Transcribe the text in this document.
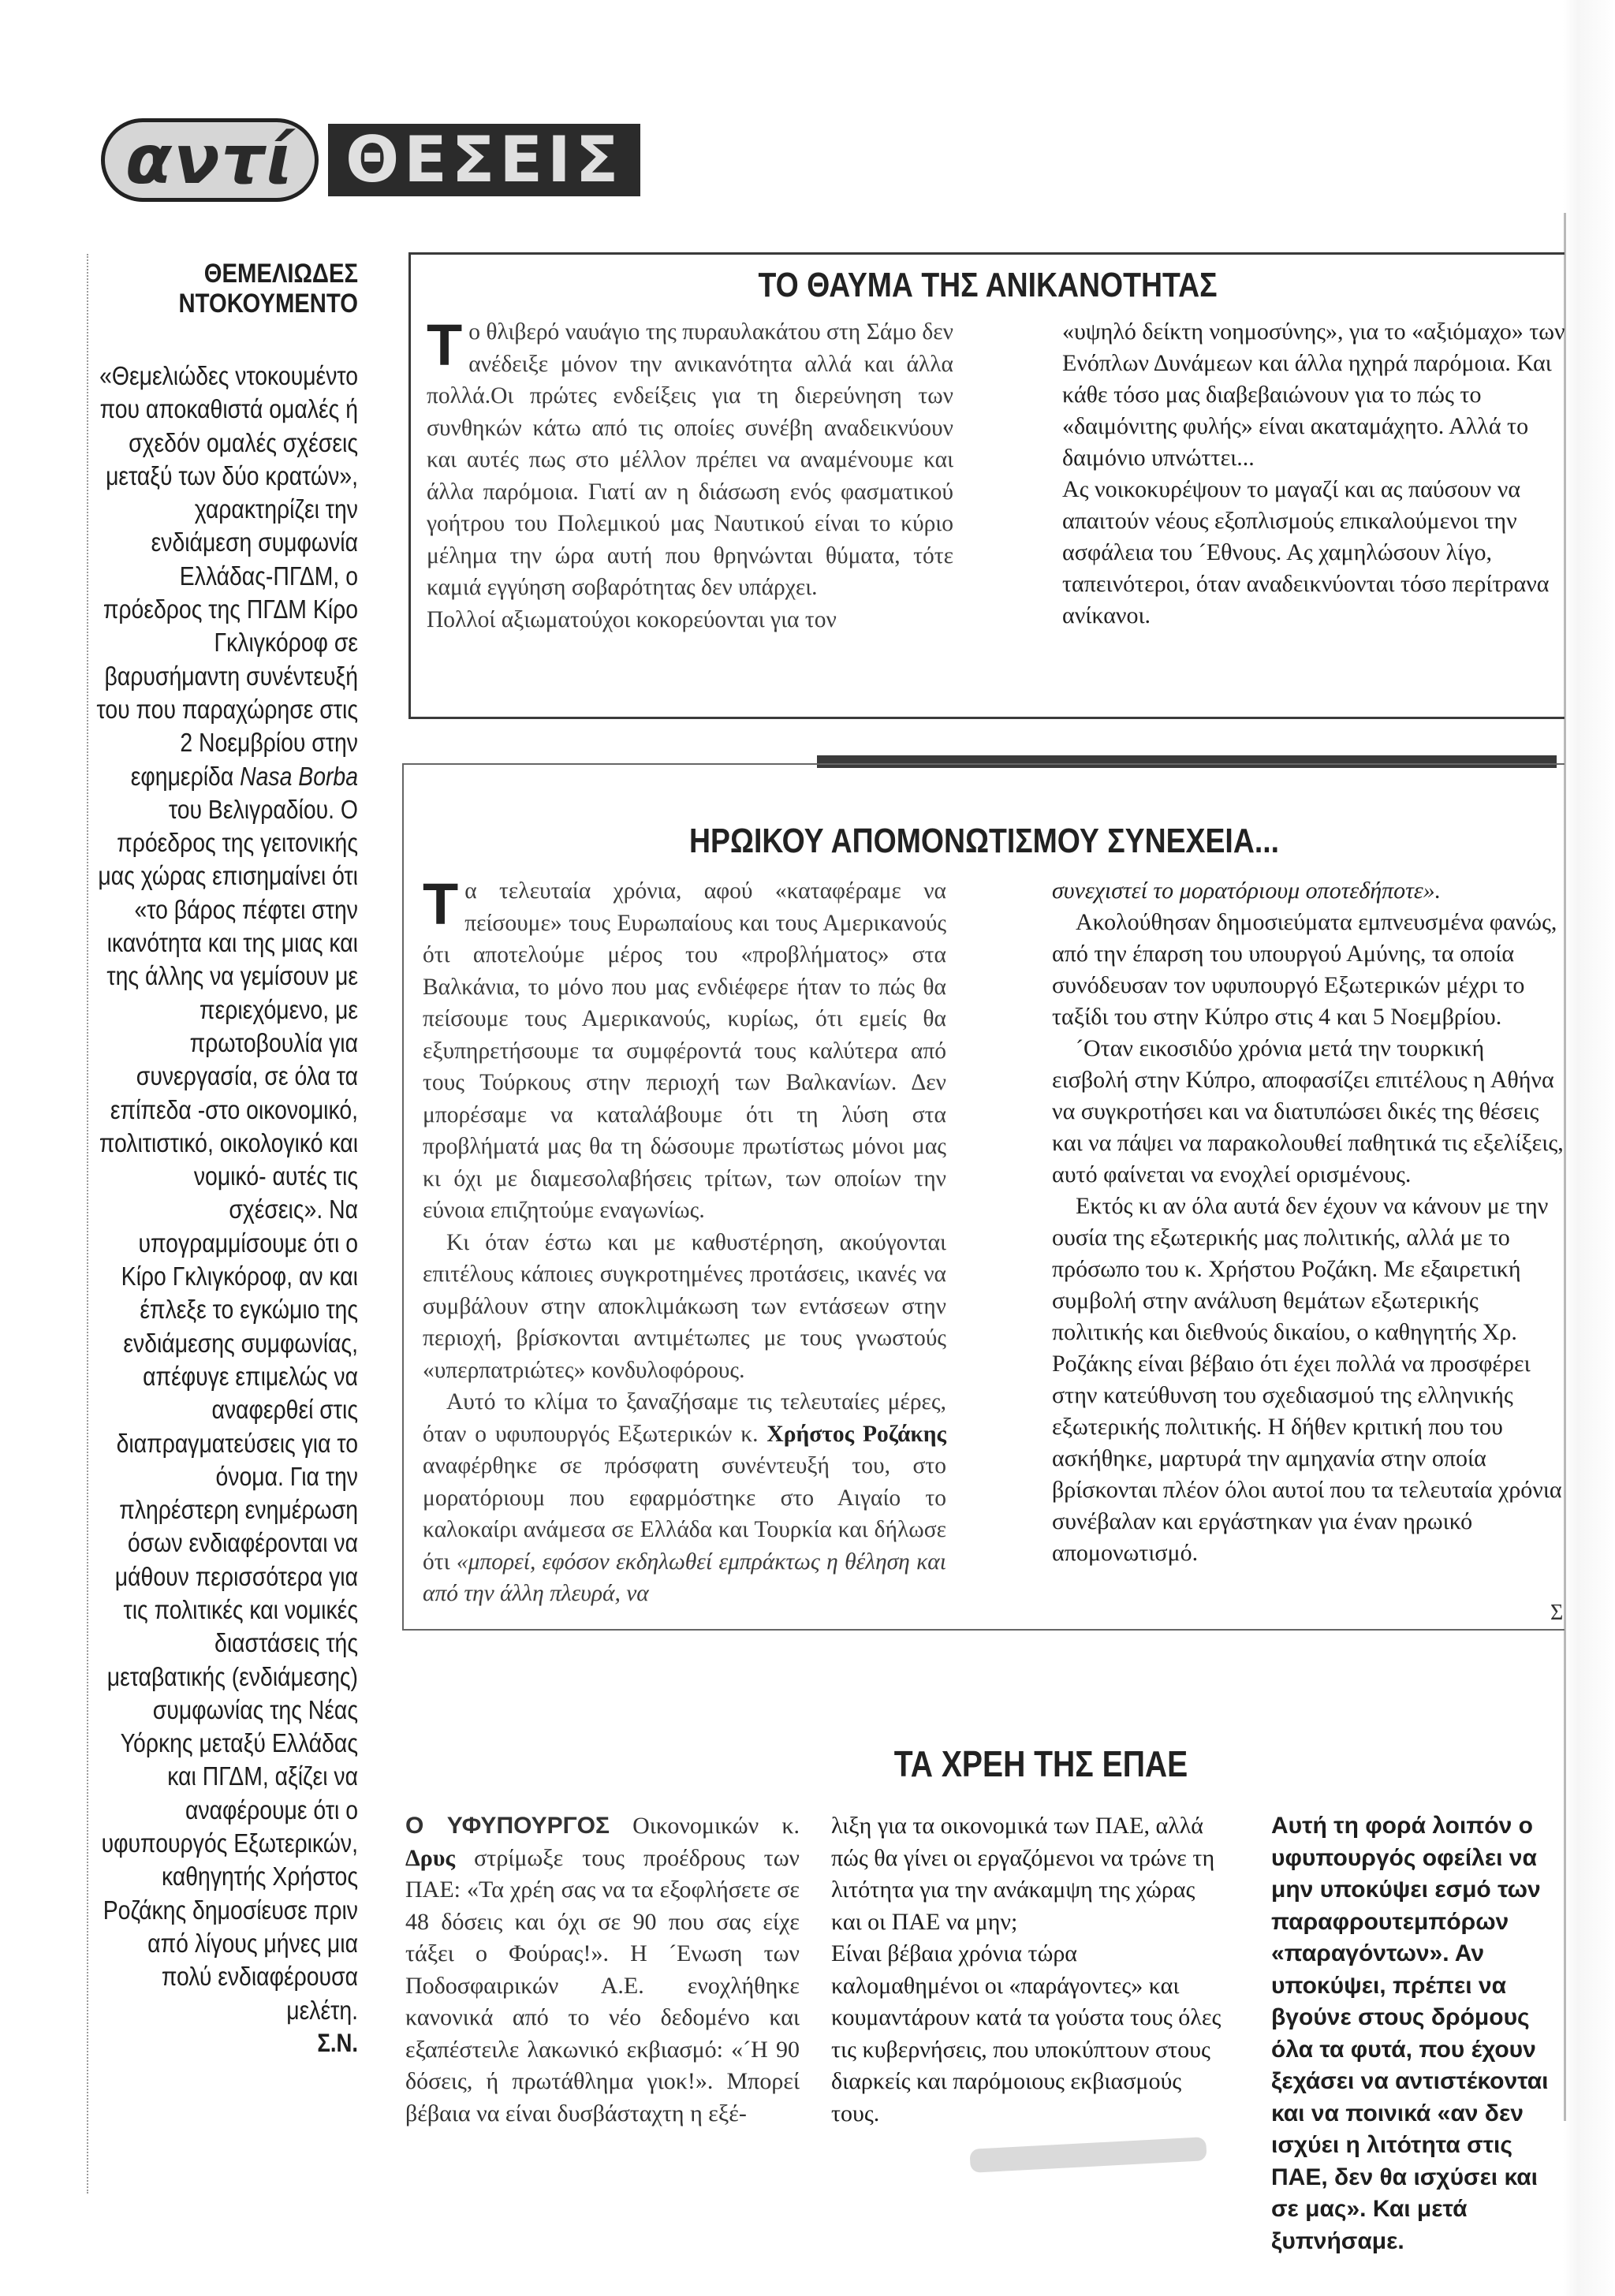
αντί ΘΕΣΕΙΣ
ΘΕΜΕΛΙΩΔΕΣ
ΝΤΟΚΟΥΜΕΝΤΟ
«Θεμελιώδες ντοκουμέντο που αποκαθιστά ομαλές ή σχεδόν ομαλές σχέσεις μεταξύ των δύο κρατών», χαρακτηρίζει την ενδιάμεση συμφωνία Ελλάδας-ΠΓΔΜ, ο πρόεδρος της ΠΓΔΜ Κίρο Γκλιγκόροφ σε βαρυσήμαντη συνέντευξή του που παραχώρησε στις 2 Νοεμβρίου στην εφημερίδα Nasa Borba του Βελιγραδίου. Ο πρόεδρος της γειτονικής μας χώρας επισημαίνει ότι «το βάρος πέφτει στην ικανότητα και της μιας και της άλλης να γεμίσουν με περιεχόμενο, με πρωτοβουλία για συνεργασία, σε όλα τα επίπεδα -στο οικονομικό, πολιτιστικό, οικολογικό και νομικό- αυτές τις σχέσεις». Να υπογραμμίσουμε ότι ο Κίρο Γκλιγκόροφ, αν και έπλεξε το εγκώμιο της ενδιάμεσης συμφωνίας, απέφυγε επιμελώς να αναφερθεί στις διαπραγματεύσεις για το όνομα. Για την πληρέστερη ενημέρωση όσων ενδιαφέρονται να μάθουν περισσότερα για τις πολιτικές και νομικές διαστάσεις τής μεταβατικής (ενδιάμεσης) συμφωνίας της Νέας Υόρκης μεταξύ Ελλάδας και ΠΓΔΜ, αξίζει να αναφέρουμε ότι ο υφυπουργός Εξωτερικών, καθηγητής Χρήστος Ροζάκης δημοσίευσε πριν από λίγους μήνες μια πολύ ενδιαφέρουσα μελέτη.
Σ.Ν.
ΤΟ ΘΑΥΜΑ ΤΗΣ ΑΝΙΚΑΝΟΤΗΤΑΣ

Το θλιβερό ναυάγιο της πυραυλακάτου στη Σάμο δεν ανέδειξε μόνον την ανικανότητα αλλά και άλλα πολλά.Οι πρώτες ενδείξεις για τη διερεύνηση των συνθηκών κάτω από τις οποίες συνέβη αναδεικνύουν και αυτές πως στο μέλλον πρέπει να αναμένουμε και άλλα παρόμοια. Γιατί αν η διάσωση ενός φασματικού γοήτρου του Πολεμικού μας Ναυτικού είναι το κύριο μέλημα την ώρα αυτή που θρηνώνται θύματα, τότε καμιά εγγύηση σοβαρότητας δεν υπάρχει.

Πολλοί αξιωματούχοι κοκορεύονται για τον

«υψηλό δείκτη νοημοσύνης», για το «αξιόμαχο» των Ενόπλων Δυνάμεων και άλλα ηχηρά παρόμοια. Και κάθε τόσο μας διαβεβαιώνουν για το πώς το «δαιμόνιτης φυλής» είναι ακαταμάχητο. Αλλά το δαιμόνιο υπνώττει...

Ας νοικοκυρέψουν το μαγαζί και ας παύσουν να απαιτούν νέους εξοπλισμούς επικαλούμενοι την ασφάλεια του ´Εθνους. Ας χαμηλώσουν λίγο, ταπεινότεροι, όταν αναδεικνύονται τόσο περίτρανα ανίκανοι.

ΗΡΩΙΚΟΥ ΑΠΟΜΟΝΩΤΙΣΜΟΥ ΣΥΝΕΧΕΙΑ...

Τα τελευταία χρόνια, αφού «καταφέραμε να πείσουμε» τους Ευρωπαίους και τους Αμερικανούς ότι αποτελούμε μέρος του «προβλήματος» στα Βαλκάνια, το μόνο που μας ενδιέφερε ήταν το πώς θα πείσουμε τους Αμερικανούς, κυρίως, ότι εμείς θα εξυπηρετήσουμε τα συμφέροντά τους καλύτερα από τους Τούρκους στην περιοχή των Βαλκανίων. Δεν μπορέσαμε να καταλάβουμε ότι τη λύση στα προβλήματά μας θα τη δώσουμε πρωτίστως μόνοι μας κι όχι με διαμεσολαβήσεις τρίτων, των οποίων την εύνοια επιζητούμε εναγωνίως.

Κι όταν έστω και με καθυστέρηση, ακούγονται επιτέλους κάποιες συγκροτημένες προτάσεις, ικανές να συμβάλουν στην αποκλιμάκωση των εντάσεων στην περιοχή, βρίσκονται αντιμέτωπες με τους γνωστούς «υπερπατριώτες» κονδυλοφόρους.

Αυτό το κλίμα το ξαναζήσαμε τις τελευταίες μέρες, όταν ο υφυπουργός Εξωτερικών κ. Χρήστος Ροζάκης αναφέρθηκε σε πρόσφατη συνέντευξή του, στο μορατόριουμ που εφαρμόστηκε στο Αιγαίο το καλοκαίρι ανάμεσα σε Ελλάδα και Τουρκία και δήλωσε ότι «μπορεί, εφόσον εκδηλωθεί εμπράκτως η θέληση και από την άλλη πλευρά, να

συνεχιστεί το μορατόριουμ οποτεδήποτε».

Ακολούθησαν δημοσιεύματα εμπνευσμένα φανώς, από την έπαρση του υπουργού Αμύνης, τα οποία συνόδευσαν τον υφυπουργό Εξωτερικών μέχρι το ταξίδι του στην Κύπρο στις 4 και 5 Νοεμβρίου.

´Οταν εικοσιδύο χρόνια μετά την τουρκική εισβολή στην Κύπρο, αποφασίζει επιτέλους η Αθήνα να συγκροτήσει και να διατυπώσει δικές της θέσεις και να πάψει να παρακολουθεί παθητικά τις εξελίξεις, αυτό φαίνεται να ενοχλεί ορισμένους.

Εκτός κι αν όλα αυτά δεν έχουν να κάνουν με την ουσία της εξωτερικής μας πολιτικής, αλλά με το πρόσωπο του κ. Χρήστου Ροζάκη. Με εξαιρετική συμβολή στην ανάλυση θεμάτων εξωτερικής πολιτικής και διεθνούς δικαίου, ο καθηγητής Χρ. Ροζάκης είναι βέβαιο ότι έχει πολλά να προσφέρει στην κατεύθυνση του σχεδιασμού της ελληνικής εξωτερικής πολιτικής. Η δήθεν κριτική που του ασκήθηκε, μαρτυρά την αμηχανία στην οποία βρίσκονται πλέον όλοι αυτοί που τα τελευταία χρόνια συνέβαλαν και εργάστηκαν για έναν ηρωικό απομονωτισμό.

Σ
ΤΑ ΧΡΕΗ ΤΗΣ ΕΠΑΕ

Ο ΥΦΥΠΟΥΡΓΟΣ Οικονομικών κ. Δρυς στρίμωξε τους προέδρους των ΠΑΕ: «Τα χρέη σας να τα εξοφλήσετε σε 48 δόσεις και όχι σε 90 που σας είχε τάξει ο Φούρας!». Η ´Ενωση των Ποδοσφαιρικών Α.Ε. ενοχλήθηκε κανονικά από το νέο δεδομένο και εξαπέστειλε λακωνικό εκβιασμό: «´Η 90 δόσεις, ή πρωτάθλημα γιοκ!». Μπορεί βέβαια να είναι δυσβάσταχτη η εξέ-

λιξη για τα οικονομικά των ΠΑΕ, αλλά πώς θα γίνει οι εργαζόμενοι να τρώνε τη λιτότητα για την ανάκαμψη της χώρας και οι ΠΑΕ να μην;

Είναι βέβαια χρόνια τώρα καλομαθημένοι οι «παράγοντες» και κουμαντάρουν κατά τα γούστα τους όλες τις κυβερνήσεις, που υποκύπτουν στους διαρκείς και παρόμοιους εκβιασμούς τους.

Αυτή τη φορά λοιπόν ο υφυπουργός οφείλει να μην υποκύψει εσμό των παραφρουτεμπόρων «παραγόντων». Αν υποκύψει, πρέπει να βγούνε στους δρόμους όλα τα φυτά, που έχουν ξεχάσει να αντιστέκονται και να ποινικά «αν δεν ισχύει η λιτότητα στις ΠΑΕ, δεν θα ισχύσει και σε μας». Και μετά ξυπνήσαμε.
